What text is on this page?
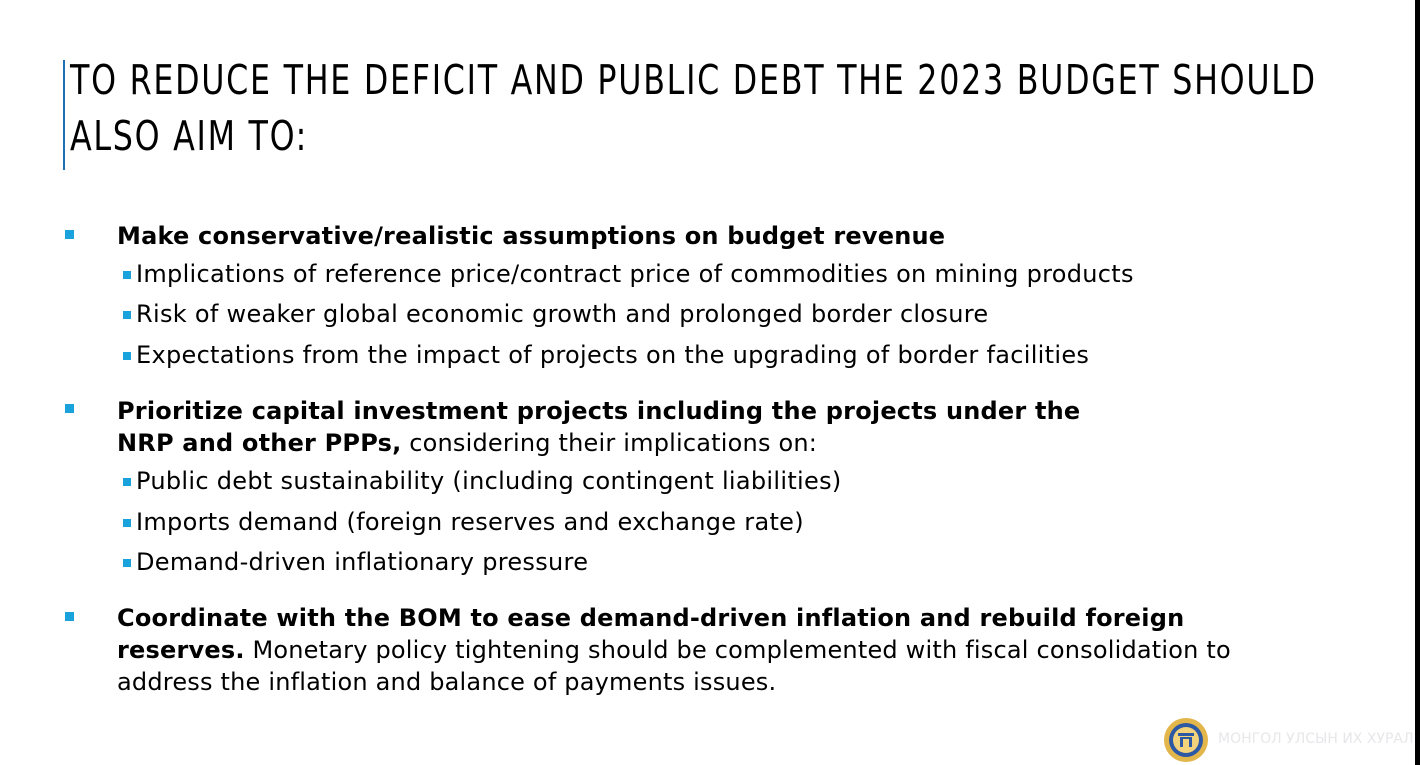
TO REDUCE THE DEFICIT AND PUBLIC DEBT THE 2023 BUDGET SHOULD ALSO AIM TO:
Make conservative/realistic assumptions on budget revenue
Implications of reference price/contract price of commodities on mining products
Risk of weaker global economic growth and prolonged border closure
Expectations from the impact of projects on the upgrading of border facilities
Prioritize capital investment projects including the projects under the
NRP and other PPPs, considering their implications on:
Public debt sustainability (including contingent liabilities)
Imports demand (foreign reserves and exchange rate)
Demand-driven inflationary pressure
Coordinate with the BOM to ease demand-driven inflation and rebuild foreign
reserves. Monetary policy tightening should be complemented with fiscal consolidation to
address the inflation and balance of payments issues.
МОНГОЛ УЛСЫН ИХ ХУРАЛ
